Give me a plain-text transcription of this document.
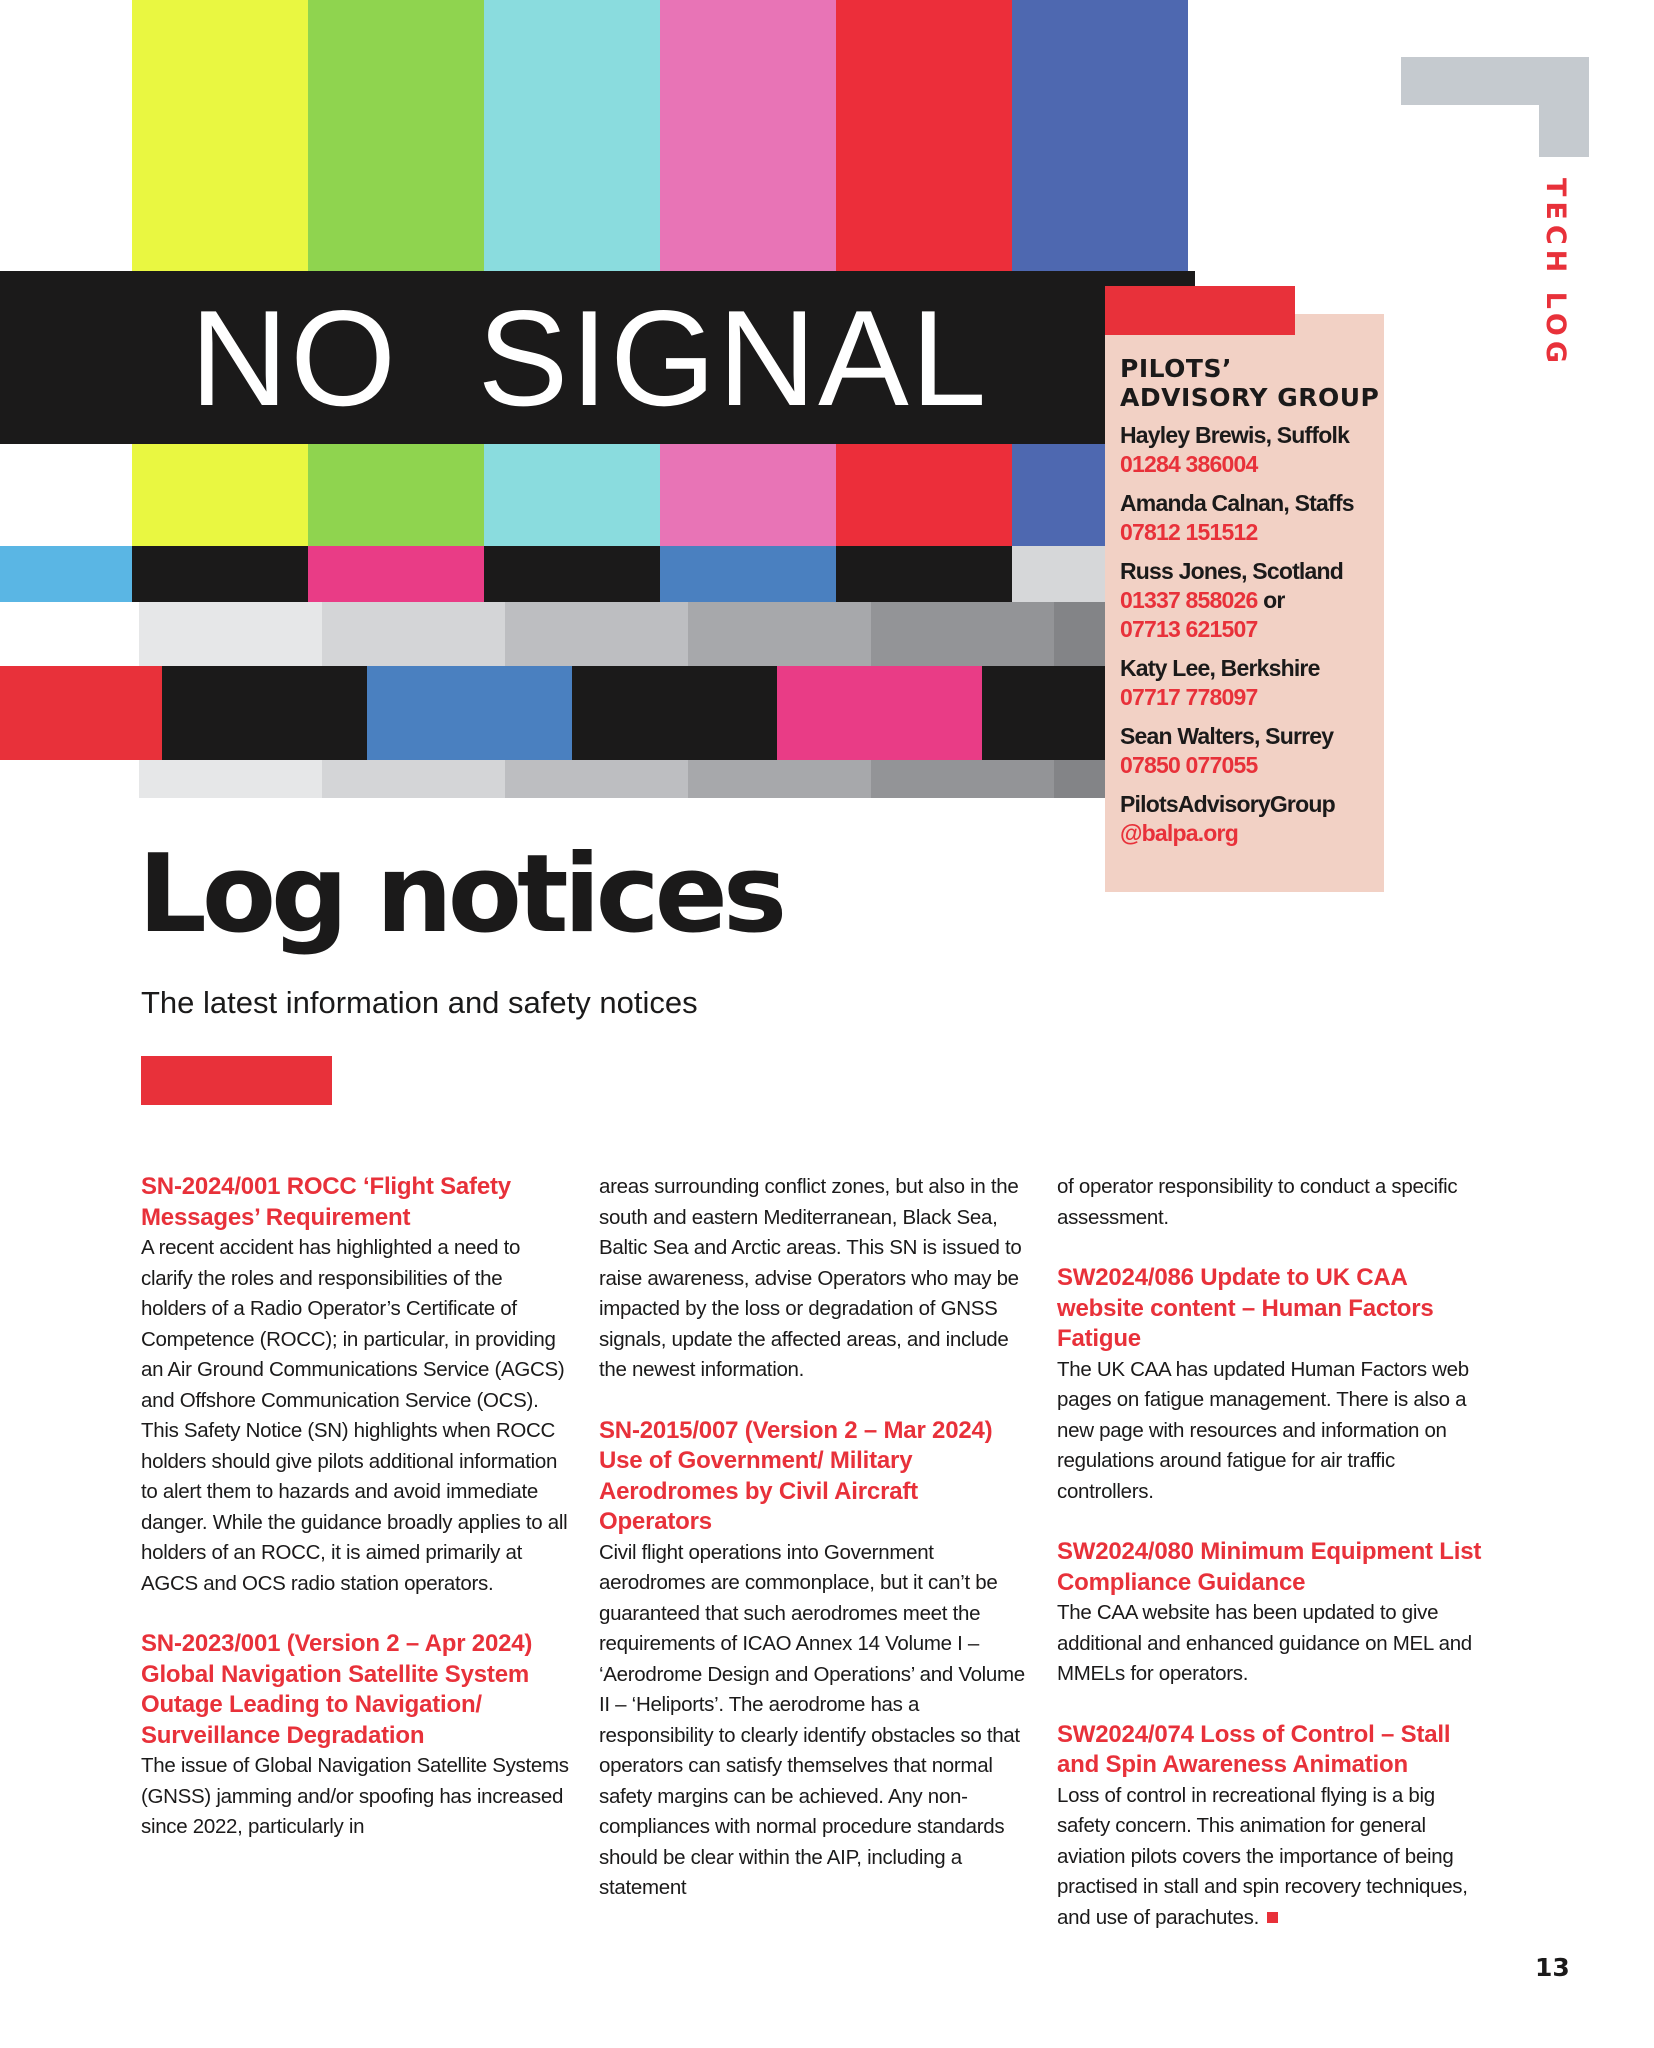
NO  SIGNAL	TECH LOG
PILOTS’ ADVISORY GROUP
Hayley Brewis, Suffolk
01284 386004
Amanda Calnan, Staffs
07812 151512
Russ Jones, Scotland
01337 858026 or
07713 621507
Katy Lee, Berkshire
07717 778097
Sean Walters, Surrey
07850 077055
PilotsAdvisoryGroup
@balpa.org
Log notices
The latest information and safety notices

SN-2024/001 ROCC ‘Flight Safety Messages’ Requirement

A recent accident has highlighted a need to clarify the roles and responsibilities of the holders of a Radio Operator’s Certificate of Competence (ROCC); in particular, in providing an Air Ground Communications Service (AGCS) and Offshore Communication Service (OCS). This Safety Notice (SN) highlights when ROCC holders should give pilots additional information to alert them to hazards and avoid immediate danger. While the guidance broadly applies to all holders of an ROCC, it is aimed primarily at AGCS and OCS radio station operators.

SN-2023/001 (Version 2 – Apr 2024) Global Navigation Satellite System Outage Leading to Navigation/ Surveillance Degradation

The issue of Global Navigation Satellite Systems (GNSS) jamming and/or spoofing has increased since 2022, particularly in

areas surrounding conflict zones, but also in the south and eastern Mediterranean, Black Sea, Baltic Sea and Arctic areas. This SN is issued to raise awareness, advise Operators who may be impacted by the loss or degradation of GNSS signals, update the affected areas, and include the newest information.

SN-2015/007 (Version 2 – Mar 2024) Use of Government/ Military Aerodromes by Civil Aircraft Operators

Civil flight operations into Government aerodromes are commonplace, but it can’t be guaranteed that such aerodromes meet the requirements of ICAO Annex 14 Volume I – ‘Aerodrome Design and Operations’ and Volume II – ‘Heliports’. The aerodrome has a responsibility to clearly identify obstacles so that operators can satisfy themselves that normal safety margins can be achieved. Any non-compliances with normal procedure standards should be clear within the AIP, including a statement

of operator responsibility to conduct a specific assessment.

SW2024/086 Update to UK CAA website content – Human Factors Fatigue

The UK CAA has updated Human Factors web pages on fatigue management. There is also a new page with resources and information on regulations around fatigue for air traffic controllers.

SW2024/080 Minimum Equipment List Compliance Guidance

The CAA website has been updated to give additional and enhanced guidance on MEL and MMELs for operators.

SW2024/074 Loss of Control – Stall and Spin Awareness Animation

Loss of control in recreational flying is a big safety concern. This animation for general aviation pilots covers the importance of being practised in stall and spin recovery techniques, and use of parachutes.

13
